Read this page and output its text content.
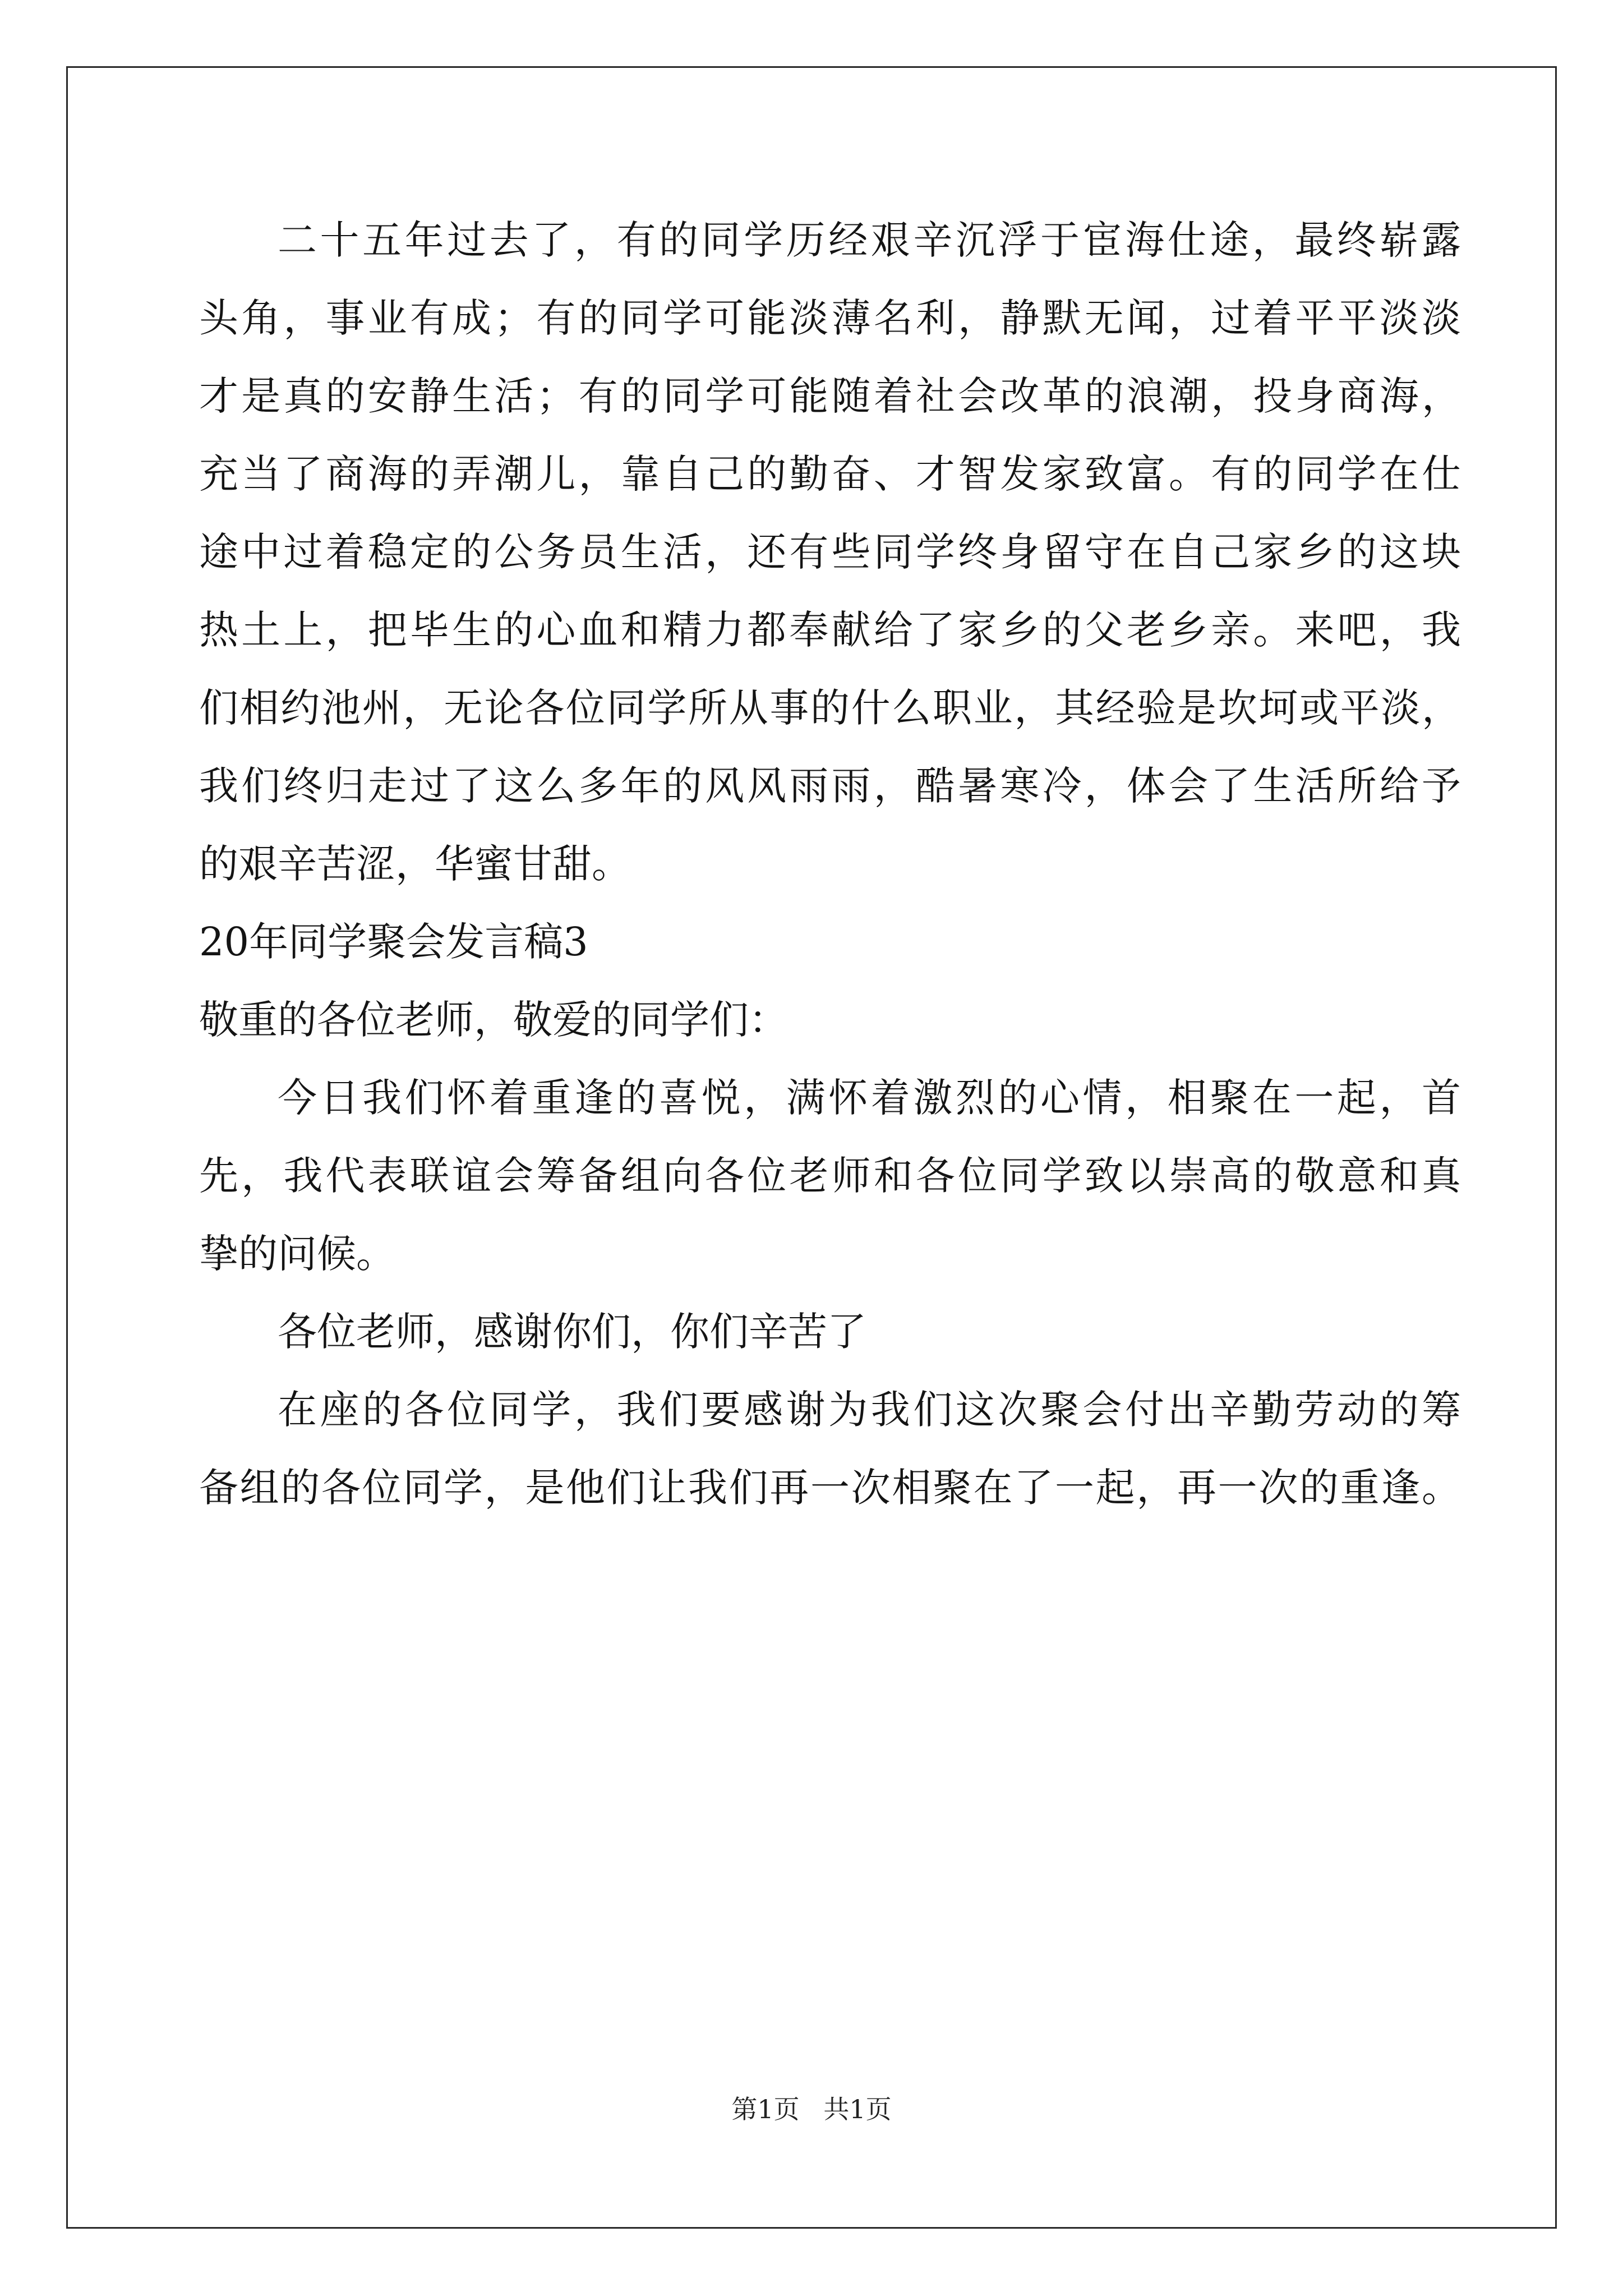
二十五年过去了，有的同学历经艰辛沉浮于宦海仕途，最终崭露
头角，事业有成；有的同学可能淡薄名利，静默无闻，过着平平淡淡
才是真的安静生活；有的同学可能随着社会改革的浪潮，投身商海，
充当了商海的弄潮儿，靠自己的勤奋、才智发家致富。有的同学在仕
途中过着稳定的公务员生活，还有些同学终身留守在自己家乡的这块
热土上，把毕生的心血和精力都奉献给了家乡的父老乡亲。来吧，我
们相约池州，无论各位同学所从事的什么职业，其经验是坎坷或平淡，
我们终归走过了这么多年的风风雨雨，酷暑寒冷，体会了生活所给予
的艰辛苦涩，华蜜甘甜。
20年同学聚会发言稿3
敬重的各位老师，敬爱的同学们：
今日我们怀着重逢的喜悦，满怀着激烈的心情，相聚在一起，首
先，我代表联谊会筹备组向各位老师和各位同学致以崇高的敬意和真
挚的问候。
各位老师，感谢你们，你们辛苦了
在座的各位同学，我们要感谢为我们这次聚会付出辛勤劳动的筹
备组的各位同学，是他们让我们再一次相聚在了一起，再一次的重逢。
第1页 共1页
